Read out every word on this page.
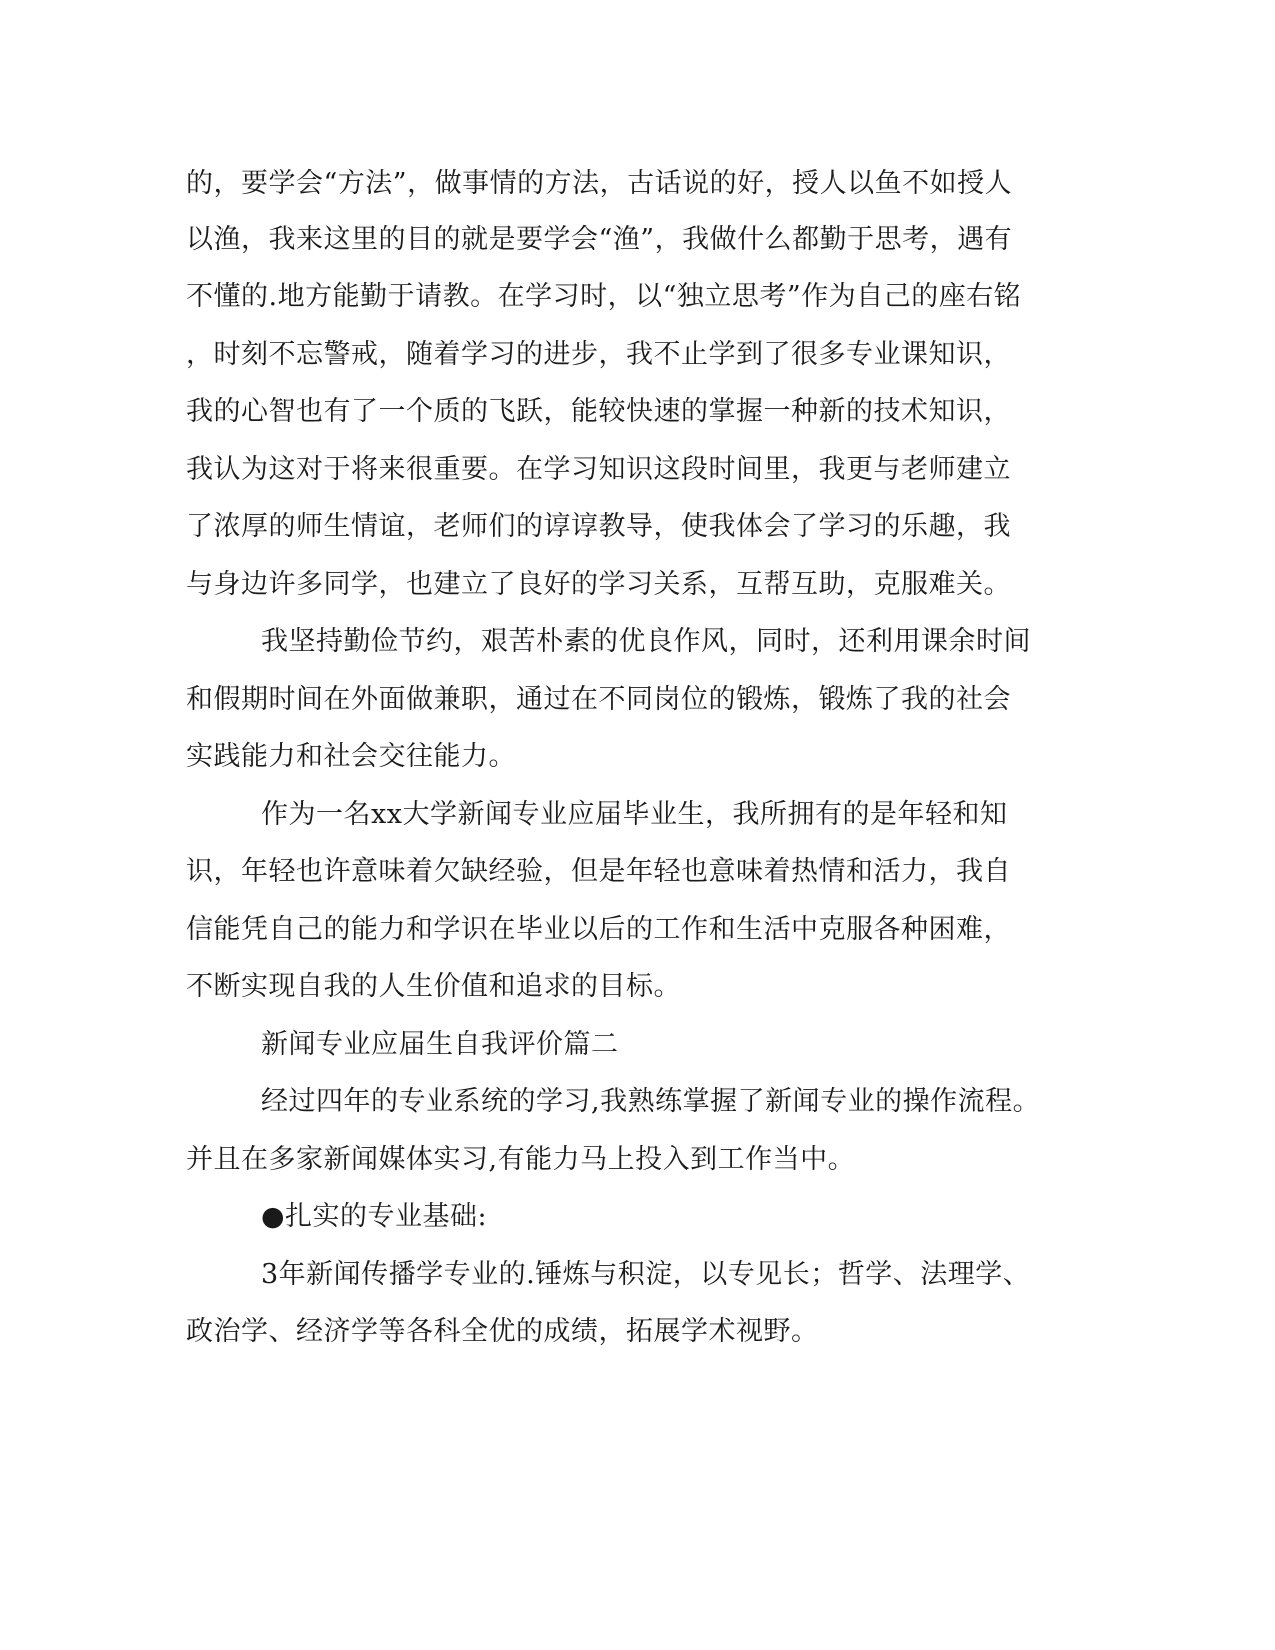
的，要学会“方法”，做事情的方法，古话说的好，授人以鱼不如授人
以渔，我来这里的目的就是要学会“渔”，我做什么都勤于思考，遇有
不懂的.地方能勤于请教。在学习时，以“独立思考”作为自己的座右铭
，时刻不忘警戒，随着学习的进步，我不止学到了很多专业课知识，
我的心智也有了一个质的飞跃，能较快速的掌握一种新的技术知识，
我认为这对于将来很重要。在学习知识这段时间里，我更与老师建立
了浓厚的师生情谊，老师们的谆谆教导，使我体会了学习的乐趣，我
与身边许多同学，也建立了良好的学习关系，互帮互助，克服难关。
我坚持勤俭节约，艰苦朴素的优良作风，同时，还利用课余时间
和假期时间在外面做兼职，通过在不同岗位的锻炼，锻炼了我的社会
实践能力和社会交往能力。
作为一名xx大学新闻专业应届毕业生，我所拥有的是年轻和知
识，年轻也许意味着欠缺经验，但是年轻也意味着热情和活力，我自
信能凭自己的能力和学识在毕业以后的工作和生活中克服各种困难，
不断实现自我的人生价值和追求的目标。
新闻专业应届生自我评价篇二
经过四年的专业系统的学习,我熟练掌握了新闻专业的操作流程。
并且在多家新闻媒体实习,有能力马上投入到工作当中。
●扎实的专业基础:
3年新闻传播学专业的.锤炼与积淀，以专见长；哲学、法理学、
政治学、经济学等各科全优的成绩，拓展学术视野。
